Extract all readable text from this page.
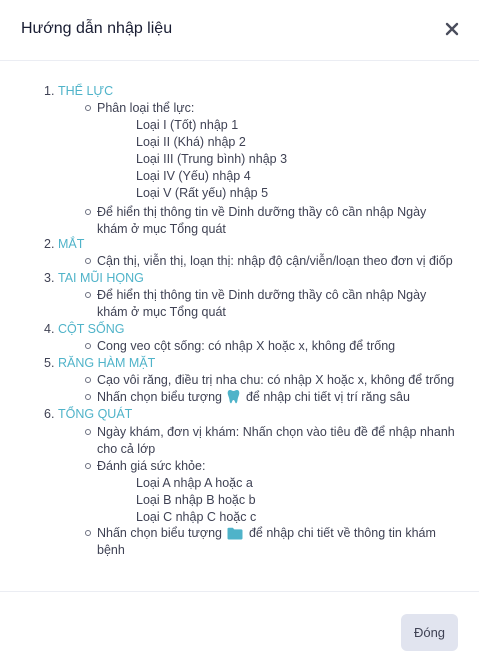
Hướng dẫn nhập liệu
1. THỂ LỰC
Phân loại thể lực:
Loại I (Tốt) nhập 1
Loại II (Khá) nhập 2
Loại III (Trung bình) nhập 3
Loại IV (Yếu) nhập 4
Loại V (Rất yếu) nhập 5
Để hiển thị thông tin về Dinh dưỡng thầy cô cần nhập Ngày
khám ở mục Tổng quát
2. MẮT
Cận thị, viễn thị, loạn thị: nhập độ cận/viễn/loạn theo đơn vị điốp
3. TAI MŨI HỌNG
Để hiển thị thông tin về Dinh dưỡng thầy cô cần nhập Ngày
khám ở mục Tổng quát
4. CỘT SỐNG
Cong veo cột sống: có nhập X hoặc x, không để trống
5. RĂNG HÀM MẶT
Cạo vôi răng, điều trị nha chu: có nhập X hoặc x, không để trống
Nhấn chọn biểu tượng để nhập chi tiết vị trí răng sâu
6. TỔNG QUÁT
Ngày khám, đơn vị khám: Nhấn chọn vào tiêu đề để nhập nhanh
cho cả lớp
Đánh giá sức khỏe:
Loại A nhập A hoặc a
Loại B nhập B hoặc b
Loại C nhập C hoặc c
Nhấn chọn biểu tượng để nhập chi tiết về thông tin khám
bệnh
Đóng
